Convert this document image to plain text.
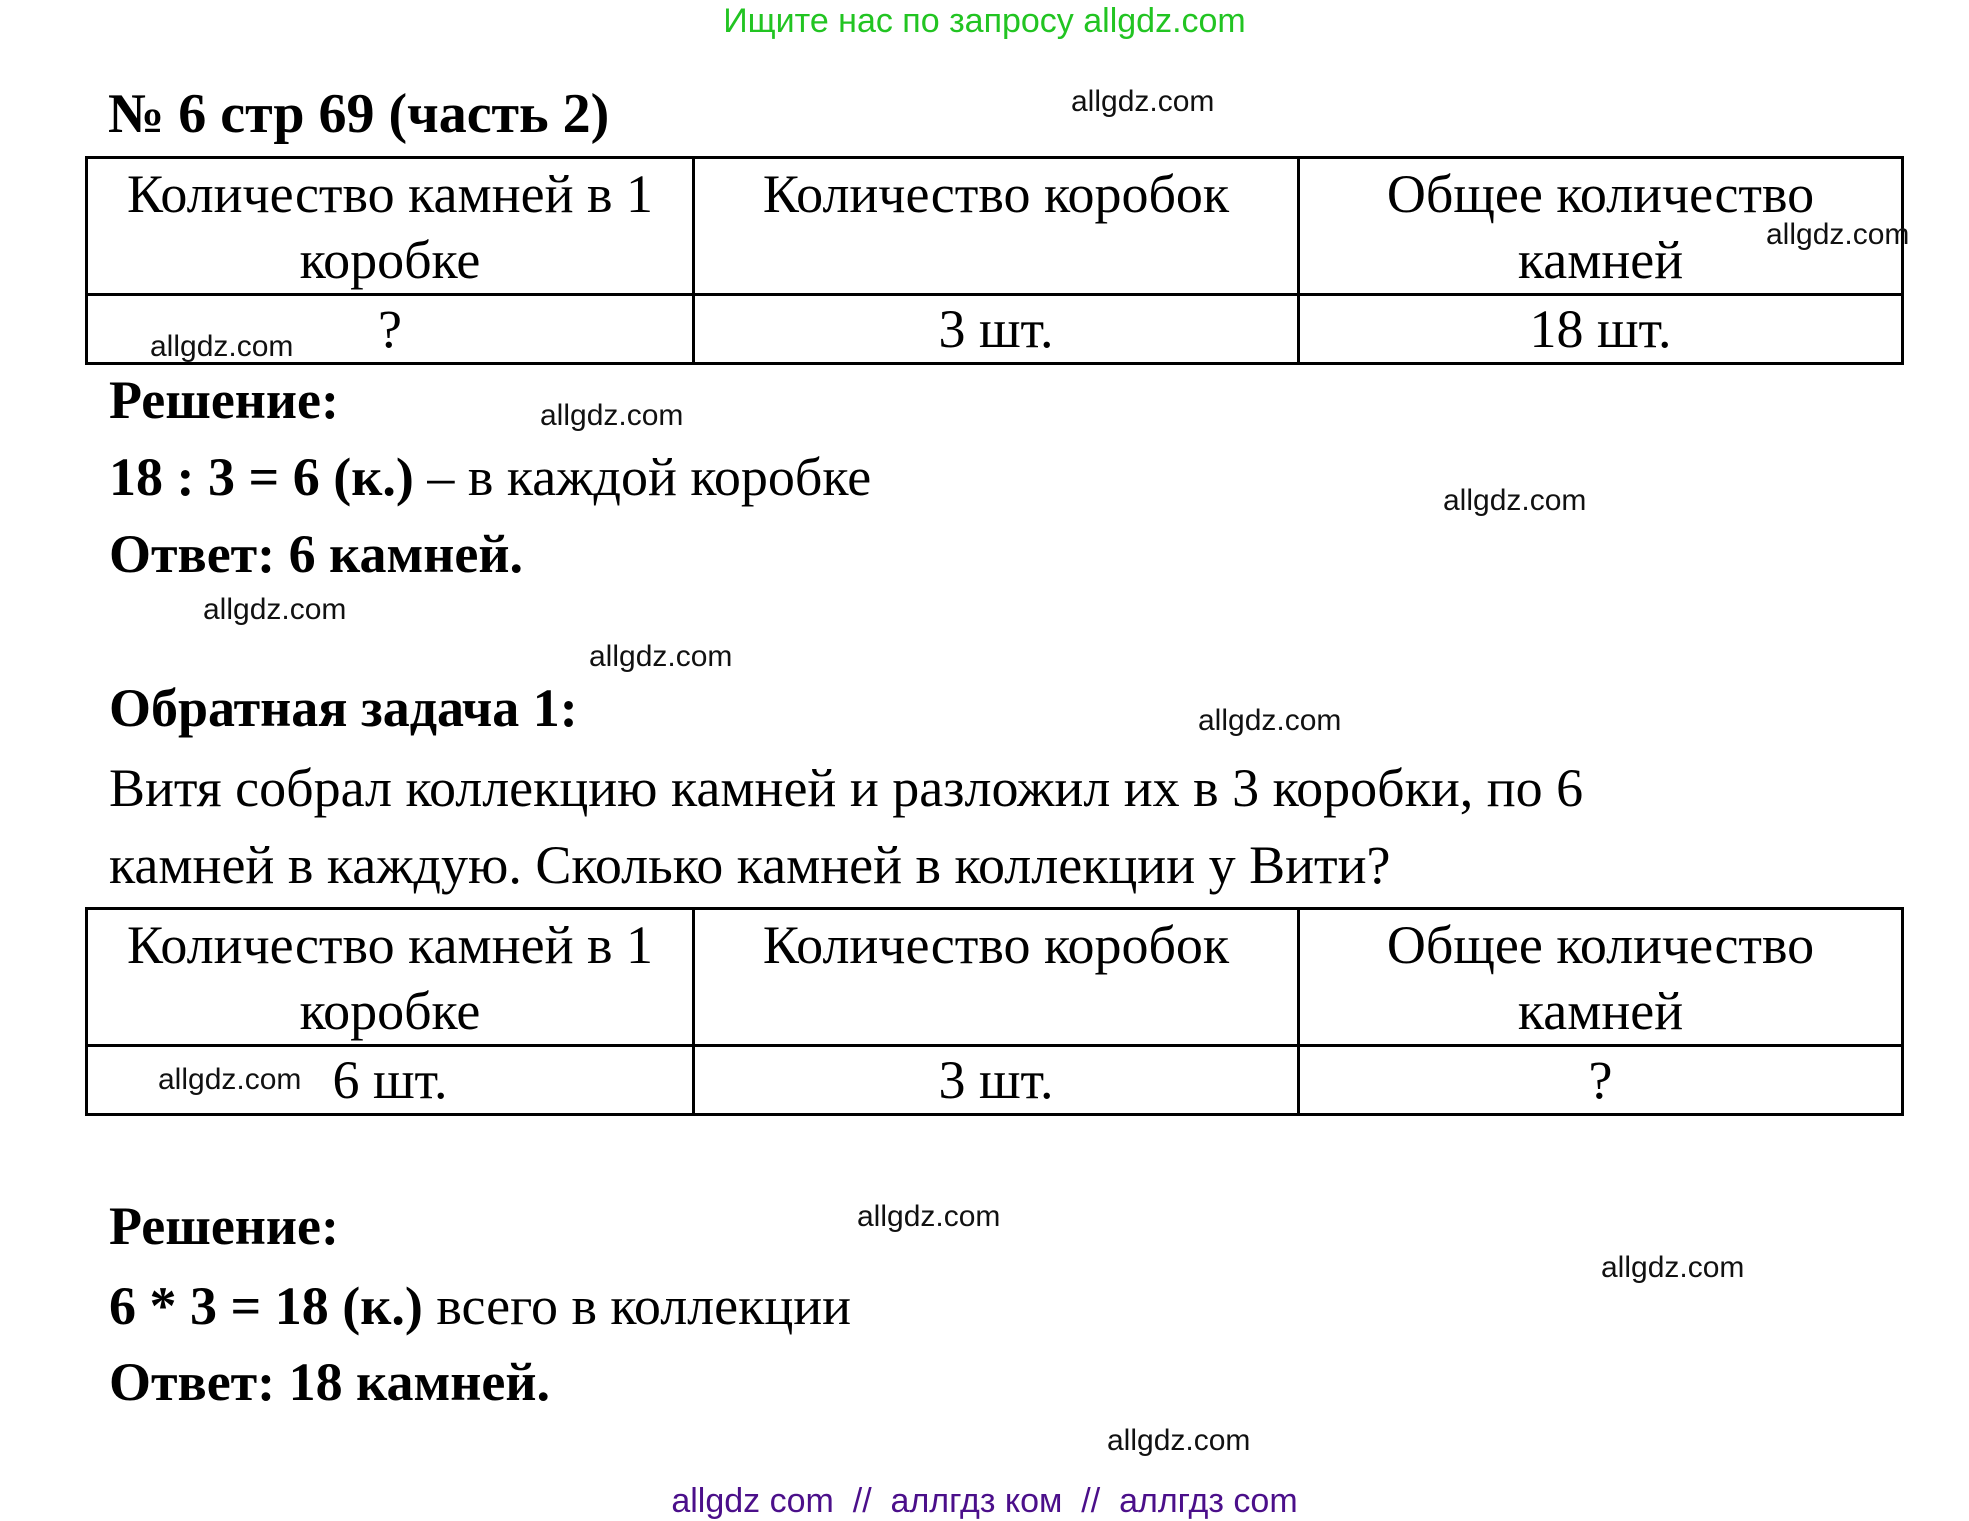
Ищите нас по запросу allgdz.com
№ 6 стр 69 (часть 2)
Количество камней в 1 коробке	Количество коробок	Общее количество камней
?	3 шт.	18 шт.
Решение:
18 : 3 = 6 (к.) – в каждой коробке
Ответ: 6 камней.
Обратная задача 1:
Витя собрал коллекцию камней и разложил их в 3 коробки, по 6
камней в каждую. Сколько камней в коллекции у Вити?
Количество камней в 1 коробке	Количество коробок	Общее количество камней
6 шт.	3 шт.	?
Решение:
6 * 3 = 18 (к.) всего в коллекции
Ответ: 18 камней.
allgdz.com
allgdz.com
allgdz.com
allgdz.com
allgdz.com
allgdz.com
allgdz.com
allgdz.com
allgdz.com
allgdz.com
allgdz.com
allgdz.com
allgdz com  //  аллгдз ком  //  аллгдз com
